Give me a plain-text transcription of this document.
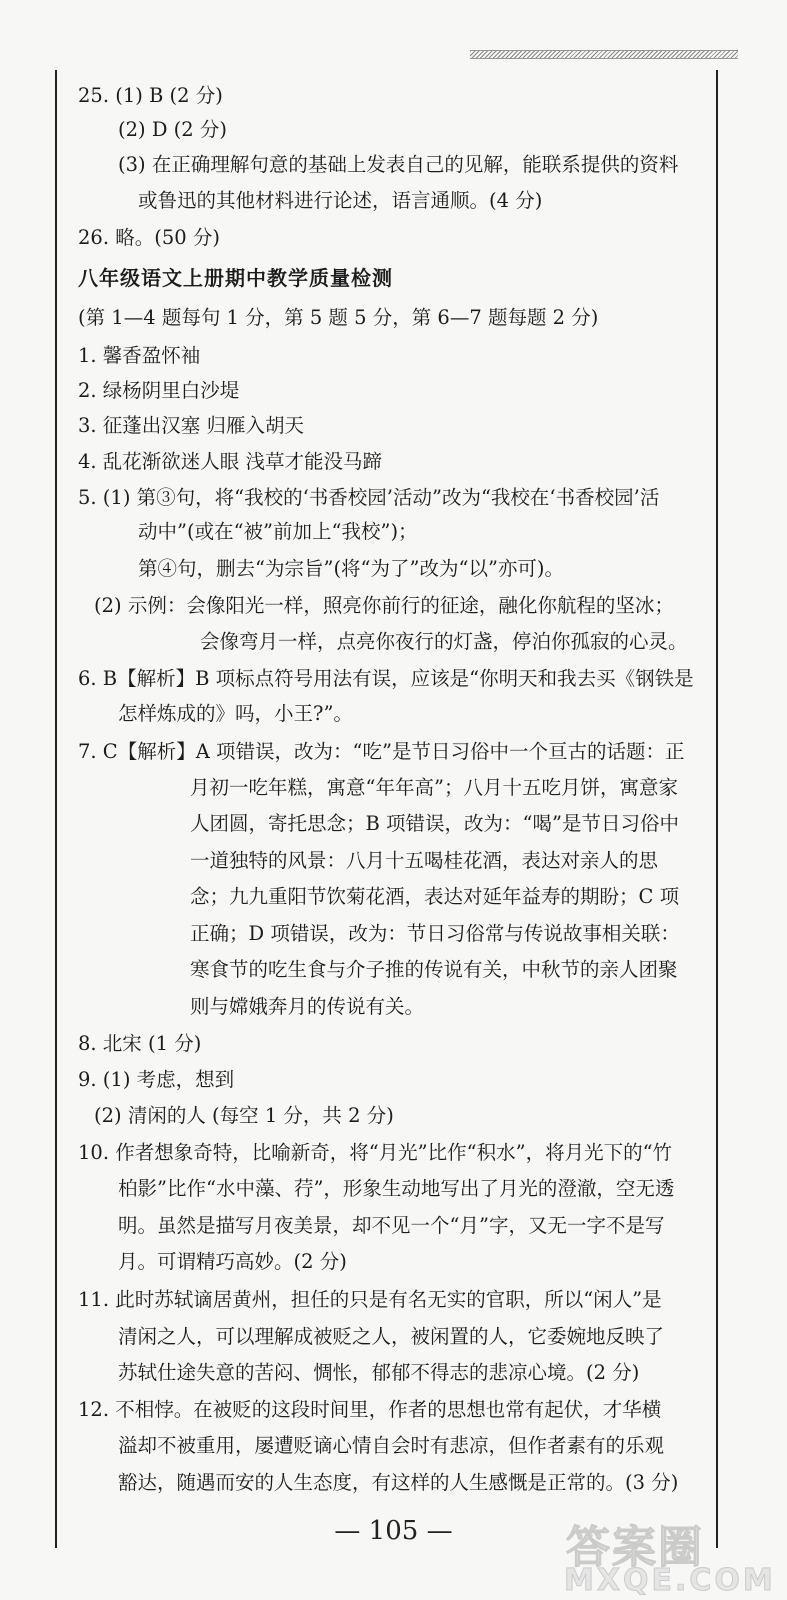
25. (1) B (2 分)
(2) D (2 分)
(3) 在正确理解句意的基础上发表自己的见解，能联系提供的资料
或鲁迅的其他材料进行论述，语言通顺。(4 分)
26. 略。(50 分)
八年级语文上册期中教学质量检测
(第 1—4 题每句 1 分，第 5 题 5 分，第 6—7 题每题 2 分)
1. 馨香盈怀袖
2. 绿杨阴里白沙堤
3. 征蓬出汉塞 归雁入胡天
4. 乱花渐欲迷人眼 浅草才能没马蹄
5. (1) 第③句，将“我校的‘书香校园’活动”改为“我校在‘书香校园’活
动中”(或在“被”前加上“我校”)；
第④句，删去“为宗旨”(将“为了”改为“以”亦可)。
(2) 示例：会像阳光一样，照亮你前行的征途，融化你航程的坚冰；
会像弯月一样，点亮你夜行的灯盏，停泊你孤寂的心灵。
6. B【解析】B 项标点符号用法有误，应该是“你明天和我去买《钢铁是
怎样炼成的》吗，小王?”。
7. C【解析】A 项错误，改为：“吃”是节日习俗中一个亘古的话题：正
月初一吃年糕，寓意“年年高”；八月十五吃月饼，寓意家
人团圆，寄托思念；B 项错误，改为：“喝”是节日习俗中
一道独特的风景：八月十五喝桂花酒，表达对亲人的思
念；九九重阳节饮菊花酒，表达对延年益寿的期盼；C 项
正确；D 项错误，改为：节日习俗常与传说故事相关联：
寒食节的吃生食与介子推的传说有关，中秋节的亲人团聚
则与嫦娥奔月的传说有关。
8. 北宋 (1 分)
9. (1) 考虑，想到
(2) 清闲的人 (每空 1 分，共 2 分)
10. 作者想象奇特，比喻新奇，将“月光”比作“积水”，将月光下的“竹
柏影”比作“水中藻、荇”，形象生动地写出了月光的澄澈，空无透
明。虽然是描写月夜美景，却不见一个“月”字，又无一字不是写
月。可谓精巧高妙。(2 分)
11. 此时苏轼谪居黄州，担任的只是有名无实的官职，所以“闲人”是
清闲之人，可以理解成被贬之人，被闲置的人，它委婉地反映了
苏轼仕途失意的苦闷、惆怅，郁郁不得志的悲凉心境。(2 分)
12. 不相悖。在被贬的这段时间里，作者的思想也常有起伏，才华横
溢却不被重用，屡遭贬谪心情自会时有悲凉，但作者素有的乐观
豁达，随遇而安的人生态度，有这样的人生感慨是正常的。(3 分)
— 105 —	答案圈
MXQE.COM
